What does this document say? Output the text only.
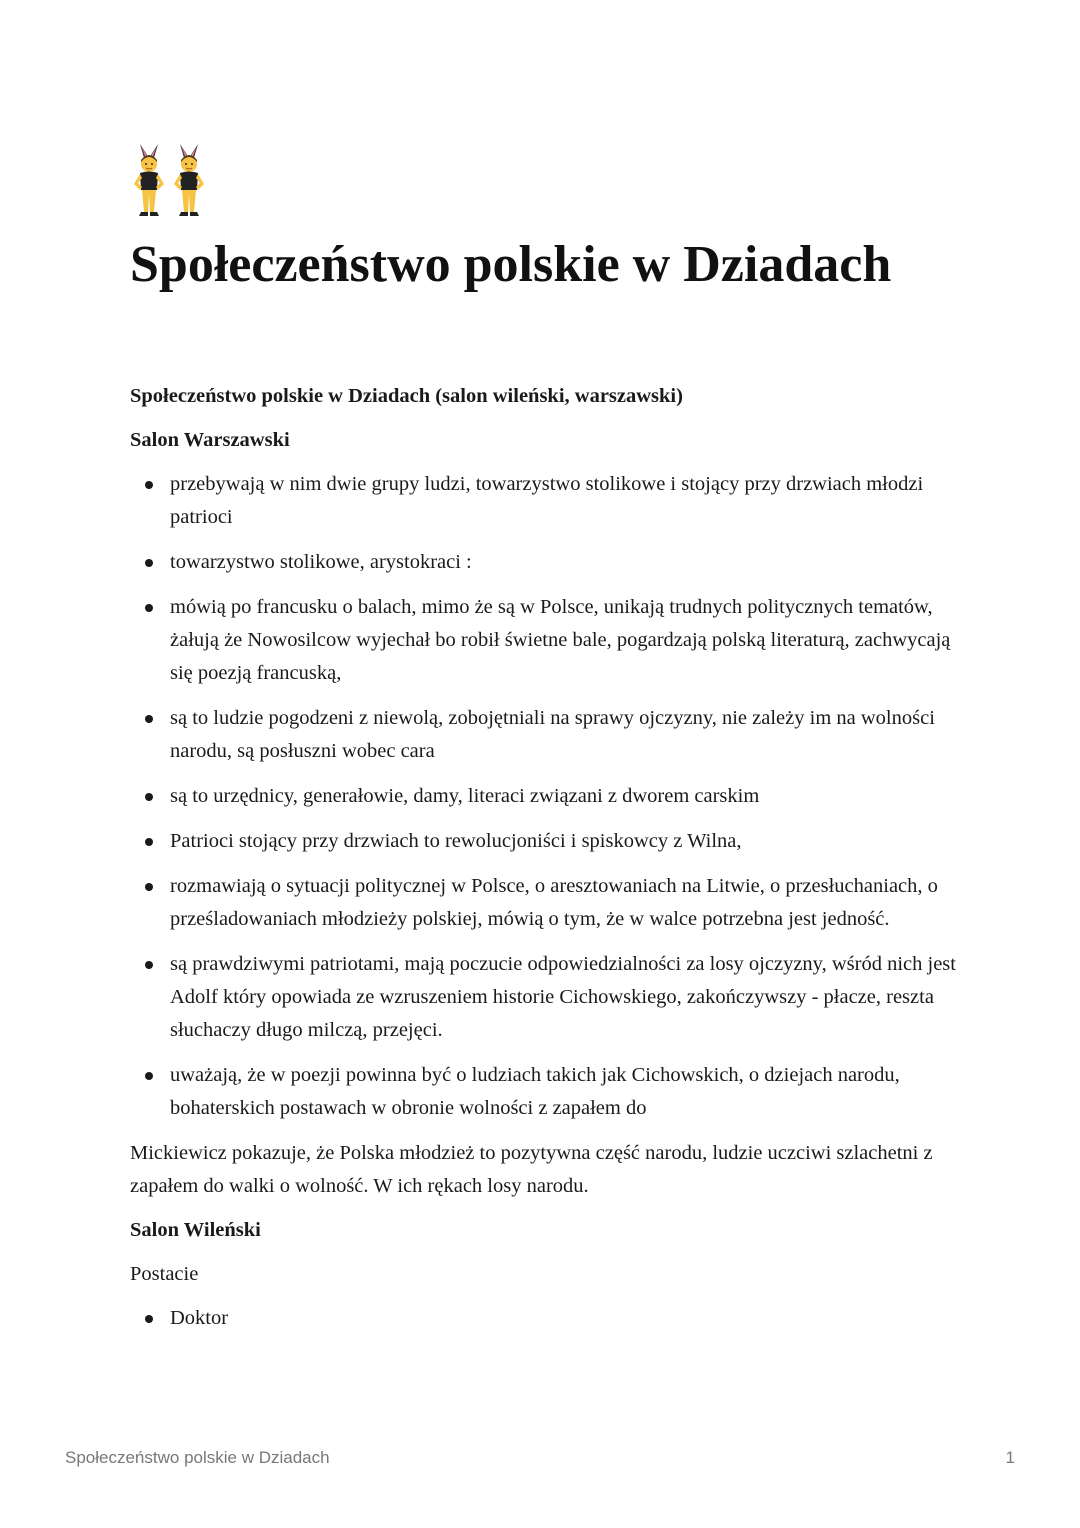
Społeczeństwo polskie w Dziadach

Społeczeństwo polskie w Dziadach (salon wileński, warszawski)

Salon Warszawski

przebywają w nim dwie grupy ludzi, towarzystwo stolikowe i stojący przy drzwiach młodzi patrioci
towarzystwo stolikowe, arystokraci :
mówią po francusku o balach, mimo że są w Polsce, unikają trudnych politycznych tematów, żałują że Nowosilcow wyjechał bo robił świetne bale, pogardzają polską literaturą, zachwycają się poezją francuską,
są to ludzie pogodzeni z niewolą, zobojętniali na sprawy ojczyzny, nie zależy im na wolności narodu, są posłuszni wobec cara
są to urzędnicy, generałowie, damy, literaci związani z dworem carskim
Patrioci stojący przy drzwiach to rewolucjoniści i spiskowcy z Wilna,
rozmawiają o sytuacji politycznej w Polsce, o aresztowaniach na Litwie, o przesłuchaniach, o prześladowaniach młodzieży polskiej, mówią o tym, że w walce potrzebna jest jedność.
są prawdziwymi patriotami, mają poczucie odpowiedzialności za losy ojczyzny, wśród nich jest Adolf który opowiada ze wzruszeniem historie Cichowskiego, zakończywszy - płacze, reszta słuchaczy długo milczą, przejęci.
uważają, że w poezji powinna być o ludziach takich jak Cichowskich, o dziejach narodu, bohaterskich postawach w obronie wolności z zapałem do

Mickiewicz pokazuje, że Polska młodzież to pozytywna część narodu, ludzie uczciwi szlachetni z zapałem do walki o wolność. W ich rękach losy narodu.

Salon Wileński

Postacie

Doktor
Społeczeństwo polskie w Dziadach	1
